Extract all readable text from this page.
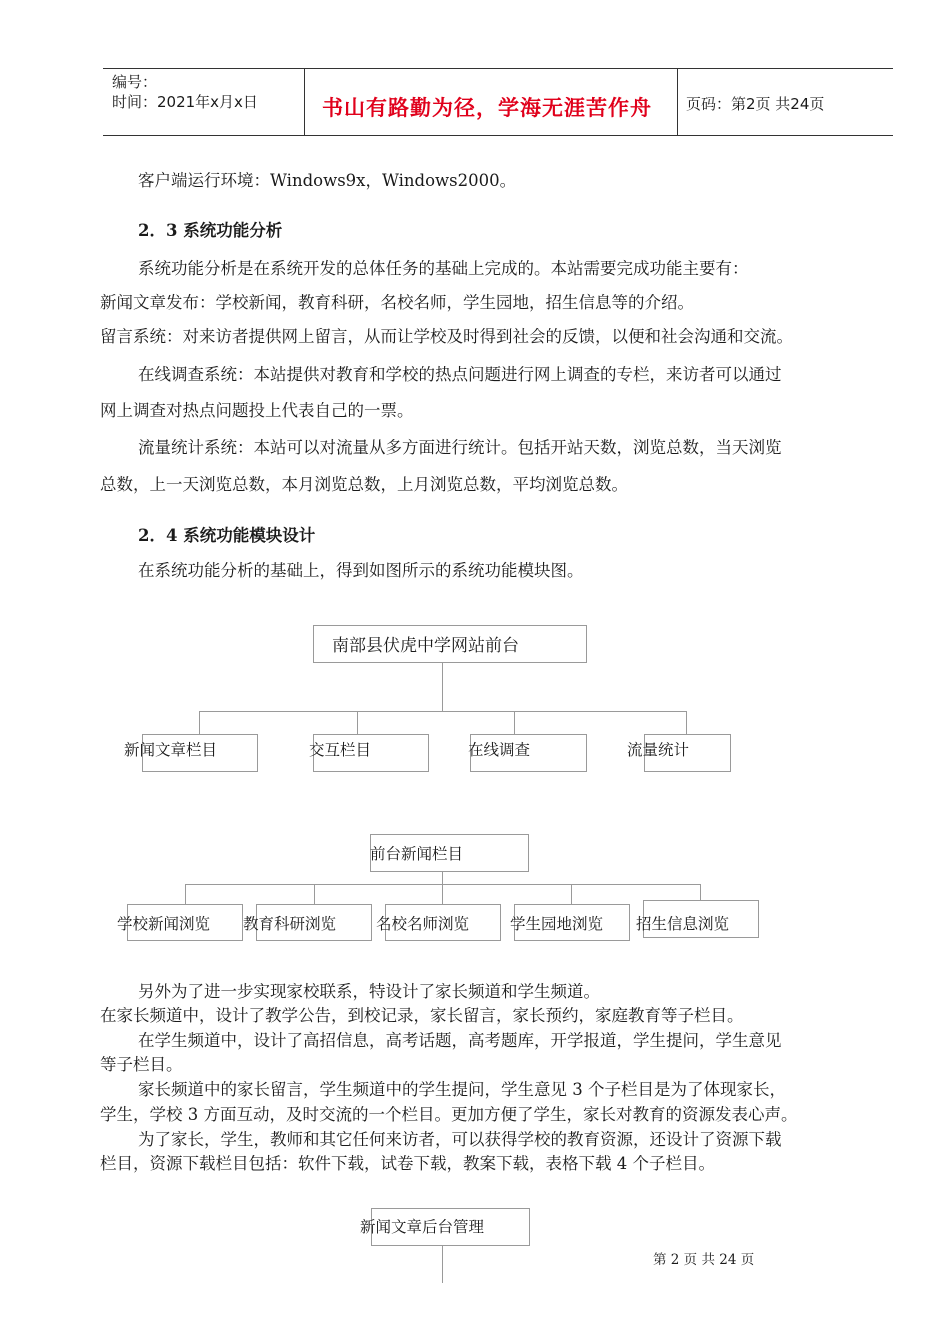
编号：
时间：2021年x月x日	书山有路勤为径，学海无涯苦作舟 页码：第2页 共24页
客户端运行环境：Windows9x，Windows2000。
2．3 系统功能分析
系统功能分析是在系统开发的总体任务的基础上完成的。本站需要完成功能主要有：
新闻文章发布：学校新闻，教育科研，名校名师，学生园地，招生信息等的介绍。
留言系统：对来访者提供网上留言，从而让学校及时得到社会的反馈，以便和社会沟通和交流。
在线调查系统：本站提供对教育和学校的热点问题进行网上调查的专栏，来访者可以通过
网上调查对热点问题投上代表自己的一票。
流量统计系统：本站可以对流量从多方面进行统计。包括开站天数，浏览总数，当天浏览
总数，上一天浏览总数，本月浏览总数，上月浏览总数，平均浏览总数。
2．4 系统功能模块设计
在系统功能分析的基础上，得到如图所示的系统功能模块图。
南部县伏虎中学网站前台
新闻文章栏目	交互栏目	在线调查	流量统计
前台新闻栏目
学校新闻浏览 教育科研浏览	名校名师浏览	学生园地浏览 招生信息浏览
另外为了进一步实现家校联系，特设计了家长频道和学生频道。
在家长频道中，设计了教学公告，到校记录，家长留言，家长预约，家庭教育等子栏目。
在学生频道中，设计了高招信息，高考话题，高考题库，开学报道，学生提问，学生意见
等子栏目。
家长频道中的家长留言，学生频道中的学生提问，学生意见 3 个子栏目是为了体现家长，
学生，学校 3 方面互动，及时交流的一个栏目。更加方便了学生，家长对教育的资源发表心声。
为了家长，学生，教师和其它任何来访者，可以获得学校的教育资源，还设计了资源下载
栏目，资源下载栏目包括：软件下载，试卷下载，教案下载，表格下载 4 个子栏目。
新闻文章后台管理
第 2 页 共 24 页
